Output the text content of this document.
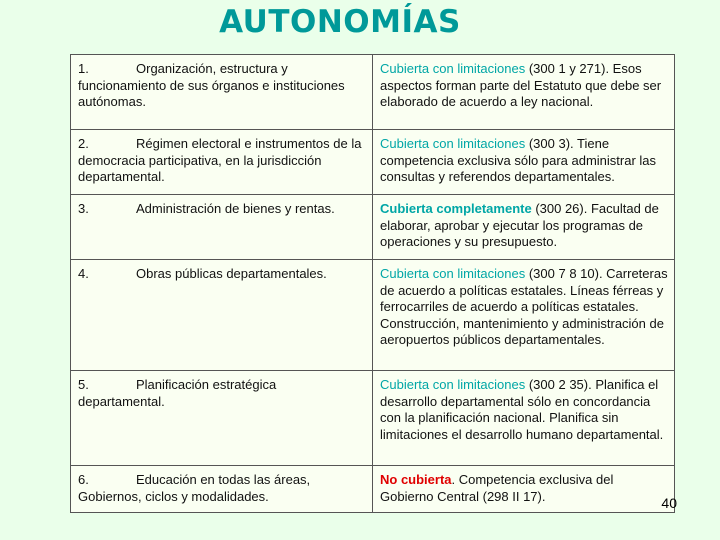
AUTONOMÍAS
1. Organización, estructura y funcionamiento de sus órganos e instituciones autónomas.	Cubierta con limitaciones (300 1 y 271). Esos aspectos forman parte del Estatuto que debe ser elaborado de acuerdo a ley nacional.
2. Régimen electoral e instrumentos de la democracia participativa, en la jurisdicción departamental.	Cubierta con limitaciones (300 3). Tiene competencia exclusiva sólo para administrar las consultas y referendos departamentales.
3. Administración de bienes y rentas.	Cubierta completamente (300 26). Facultad de elaborar, aprobar y ejecutar los programas de operaciones y su presupuesto.
4. Obras públicas departamentales.	Cubierta con limitaciones (300 7 8 10). Carreteras de acuerdo a políticas estatales. Líneas férreas y ferrocarriles de acuerdo a políticas estatales. Construcción, mantenimiento y administración de aeropuertos públicos departamentales.
5. Planificación estratégica departamental.	Cubierta con limitaciones (300 2 35). Planifica el desarrollo departamental sólo en concordancia con la planificación nacional. Planifica sin limitaciones el desarrollo humano departamental.
6. Educación en todas las áreas, Gobiernos, ciclos y modalidades.	No cubierta. Competencia exclusiva del Gobierno Central (298 II 17).	40
